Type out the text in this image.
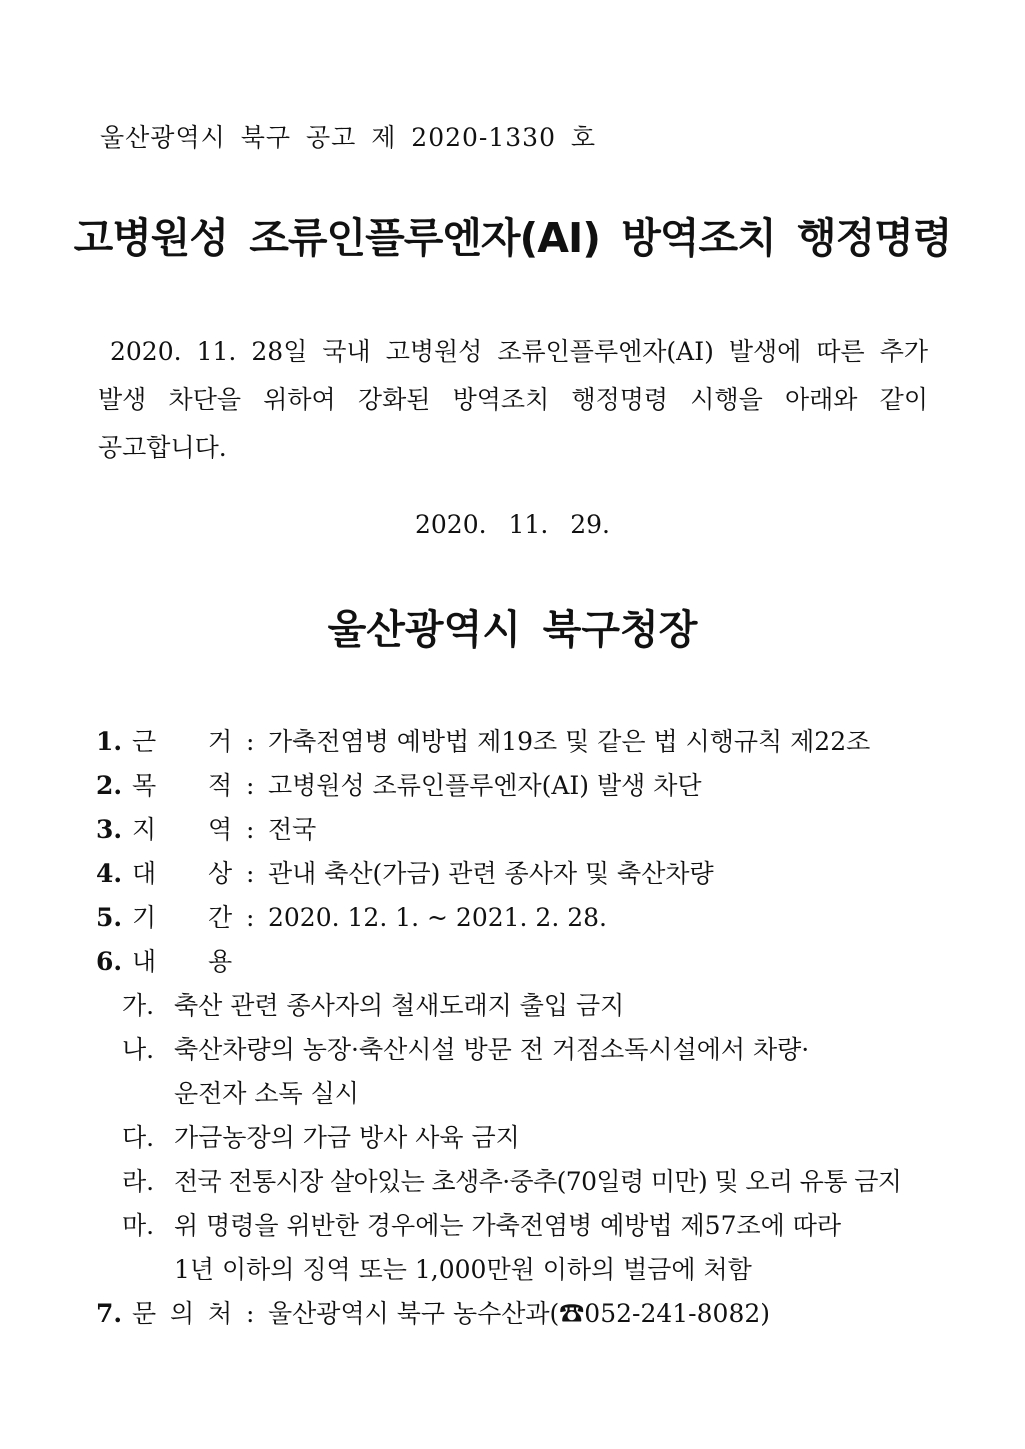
울산광역시 북구 공고 제 2020-1330 호
고병원성 조류인플루엔자(AI) 방역조치 행정명령
2020. 11. 28일 국내 고병원성 조류인플루엔자(AI) 발생에 따른 추가
발생 차단을 위하여 강화된 방역조치 행정명령 시행을 아래와 같이
공고합니다.
2020. 11. 29.
울산광역시 북구청장
1. 근 거 : 가축전염병 예방법 제19조 및 같은 법 시행규칙 제22조
2. 목 적 : 고병원성 조류인플루엔자(AI) 발생 차단
3. 지 역 : 전국
4. 대 상 : 관내 축산(가금) 관련 종사자 및 축산차량
5. 기 간 : 2020. 12. 1. ~ 2021. 2. 28.
6. 내 용
가. 축산 관련 종사자의 철새도래지 출입 금지
나. 축산차량의 농장·축산시설 방문 전 거점소독시설에서 차량·
운전자 소독 실시
다. 가금농장의 가금 방사 사육 금지
라. 전국 전통시장 살아있는 초생추·중추(70일령 미만) 및 오리 유통 금지
마. 위 명령을 위반한 경우에는 가축전염병 예방법 제57조에 따라
1년 이하의 징역 또는 1,000만원 이하의 벌금에 처함
7. 문 의 처 : 울산광역시 북구 농수산과(☎052-241-8082)
